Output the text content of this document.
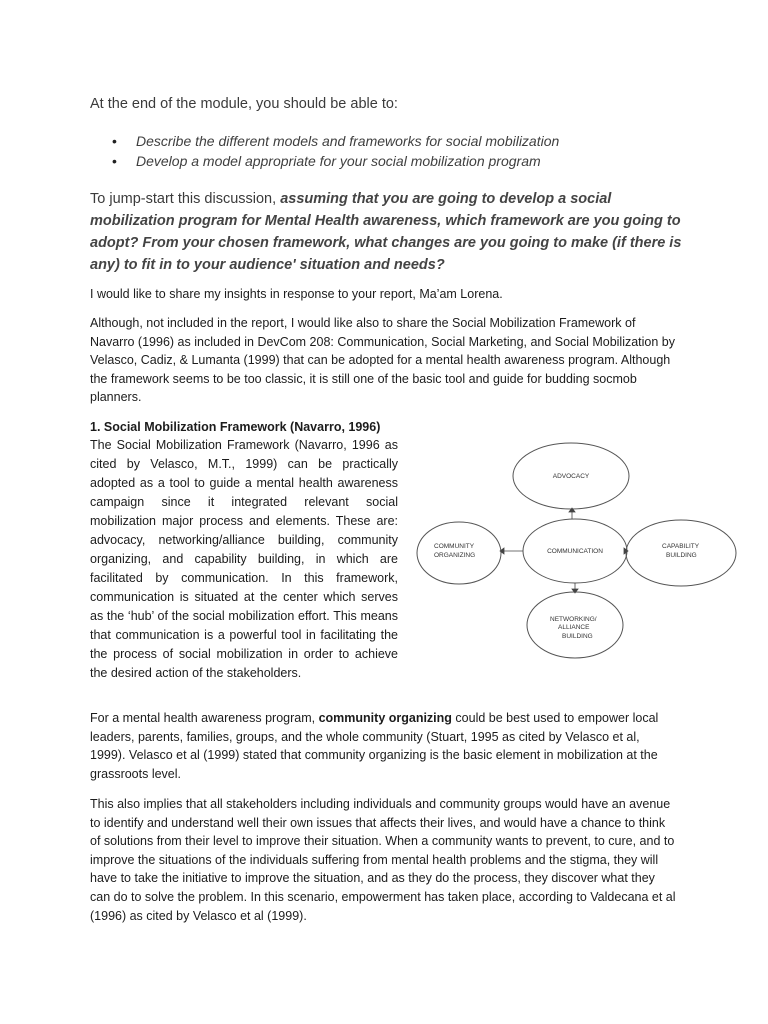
At the end of the module, you should be able to:
• Describe the different models and frameworks for social mobilization
• Develop a model appropriate for your social mobilization program
To jump-start this discussion, assuming that you are going to develop a social mobilization program for Mental Health awareness, which framework are you going to adopt? From your chosen framework, what changes are you going to make (if there is any) to fit in to your audience' situation and needs?

I would like to share my insights in response to your report, Ma’am Lorena.

Although, not included in the report, I would like also to share the Social Mobilization Framework of Navarro (1996) as included in DevCom 208: Communication, Social Marketing, and Social Mobilization by Velasco, Cadiz, & Lumanta (1999) that can be adopted for a mental health awareness program. Although the framework seems to be too classic, it is still one of the basic tool and guide for budding socmob planners.

1. Social Mobilization Framework (Navarro, 1996)

The Social Mobilization Framework (Navarro, 1996 as cited by Velasco, M.T., 1999) can be practically adopted as a tool to guide a mental health awareness campaign since it integrated relevant social mobilization major process and elements. These are: advocacy, networking/alliance building, community organizing, and capability building, in which are facilitated by communication. In this framework, communication is situated at the center which serves as the ‘hub’ of the social mobilization effort. This means that communication is a powerful tool in facilitating the the process of social mobilization in order to achieve the desired action of the stakeholders.

ADVOCACY
COMMUNICATION
COMMUNITY
ORGANIZING
CAPABILITY
BUILDING
NETWORKING/
ALLIANCE
BUILDING

For a mental health awareness program, community organizing could be best used to empower local leaders, parents, families, groups, and the whole community (Stuart, 1995 as cited by Velasco et al, 1999). Velasco et al (1999) stated that community organizing is the basic element in mobilization at the grassroots level.

This also implies that all stakeholders including individuals and community groups would have an avenue to identify and understand well their own issues that affects their lives, and would have a chance to think of solutions from their level to improve their situation. When a community wants to prevent, to cure, and to improve the situations of the individuals suffering from mental health problems and the stigma, they will have to take the initiative to improve the situation, and as they do the process, they discover what they can do to solve the problem. In this scenario, empowerment has taken place, according to Valdecana et al (1996) as cited by Velasco et al (1999).
